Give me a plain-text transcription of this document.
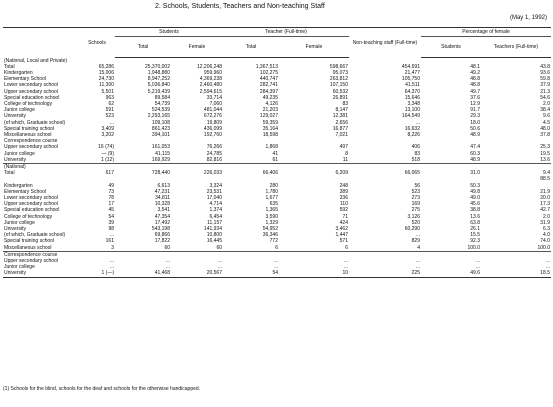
2. Schools, Students, Teachers and Non-teaching Staff
(May 1, 1992)
	Schools	Students		Teacher (Full-time)		Non-teaching staff (Full-time)	Percentage of female	
		Total	Female	Total	Female		Students	Teachers (Full-time)
(National, Local and Private)								
Total	65,286	25,370,002	12,206,248	1,367,513	598,667	454,691	48.1	43.8

Kindergarten	15,006	1,948,880	959,960	102,275	95,073	21,477	49.2	93.6
Elementary School	24,730	8,947,252	4,369,238	440,747	263,812	105,750	48.8	59.8
Lower secondary school	11,300	5,036,840	2,460,480	282,741	107,150	41,511	48.8	37.9
Upper secondary school	5,501	5,219,439	2,594,615	284,397	60,532	64,370	49.7	21.3
Special education school	963	89,584	33,714	49,235	26,891	15,646	37.6	54.6
College of technology	62	54,739	7,060	4,126	83	3,348	12.9	2.0
Junior college	591	524,539	481,044	21,203	8,147	13,100	91.7	38.4
University	523	2,293,165	672,276	129,027	12,381	164,549	29.3	9.6
(of which, Graduate school)	...	109,108	19,809	59,359	2,656	...	18.0	4.5
Special training school	3,409	861,423	436,099	35,164	16,877	16,632	50.6	48.0
Miscellaneous school	3,202	394,101	192,760	18,598	7,021	8,226	48.9	37.8

Correspondence course								
Upper secondary school	16 (74)	161,053	76,266	1,868	497	406	47.4	25.3
Junior college	— (9)	41,115	24,785	41	8	83	60.3	19.5
University	1 (12)	169,929	82,816	61	11	518	48.9	13.6
(National)								
Total	617	728,440	226,033	66,406	6,209	66,065	31.0	9.4
								88.5
Kindergarten	49	6,613	3,324	280	248	56	50.3	
Elementary School	73	47,231	23,531	1,780	389	523	49.8	21.9
Lower secondary school	78	34,811	17,040	1,677	336	273	49.0	20.0
Upper secondary school	17	10,328	4,714	635	110	169	45.6	17.3
Special education school	45	3,541	1,374	1,365	592	275	38.8	42.7
College of technology	54	47,354	6,454	3,590	71	3,126	13.6	2.0
Junior college	39	17,492	11,157	1,329	424	520	63.8	31.9
University	98	543,198	141,934	54,952	3,462	60,290	26.1	6.3
(of which, Graduate school)	...	69,866	10,800	36,346	1,447	...	15.5	4.0
Special training school	161	17,822	16,445	772	571	829	92.3	74.0
Miscellaneous school	3	60	60	6	6	4	100.0	100.0

Correspondence course								
Upper secondary school	...	...	...	...	...	...	...	...
Junior college	...	...	...	...	...	...	...	...

University	1 (—)	41,468	20,567	54	10	225	49.6	18.5
(1) Schools for the blind, schools for the deaf and schools for the otherwise handicapped.
